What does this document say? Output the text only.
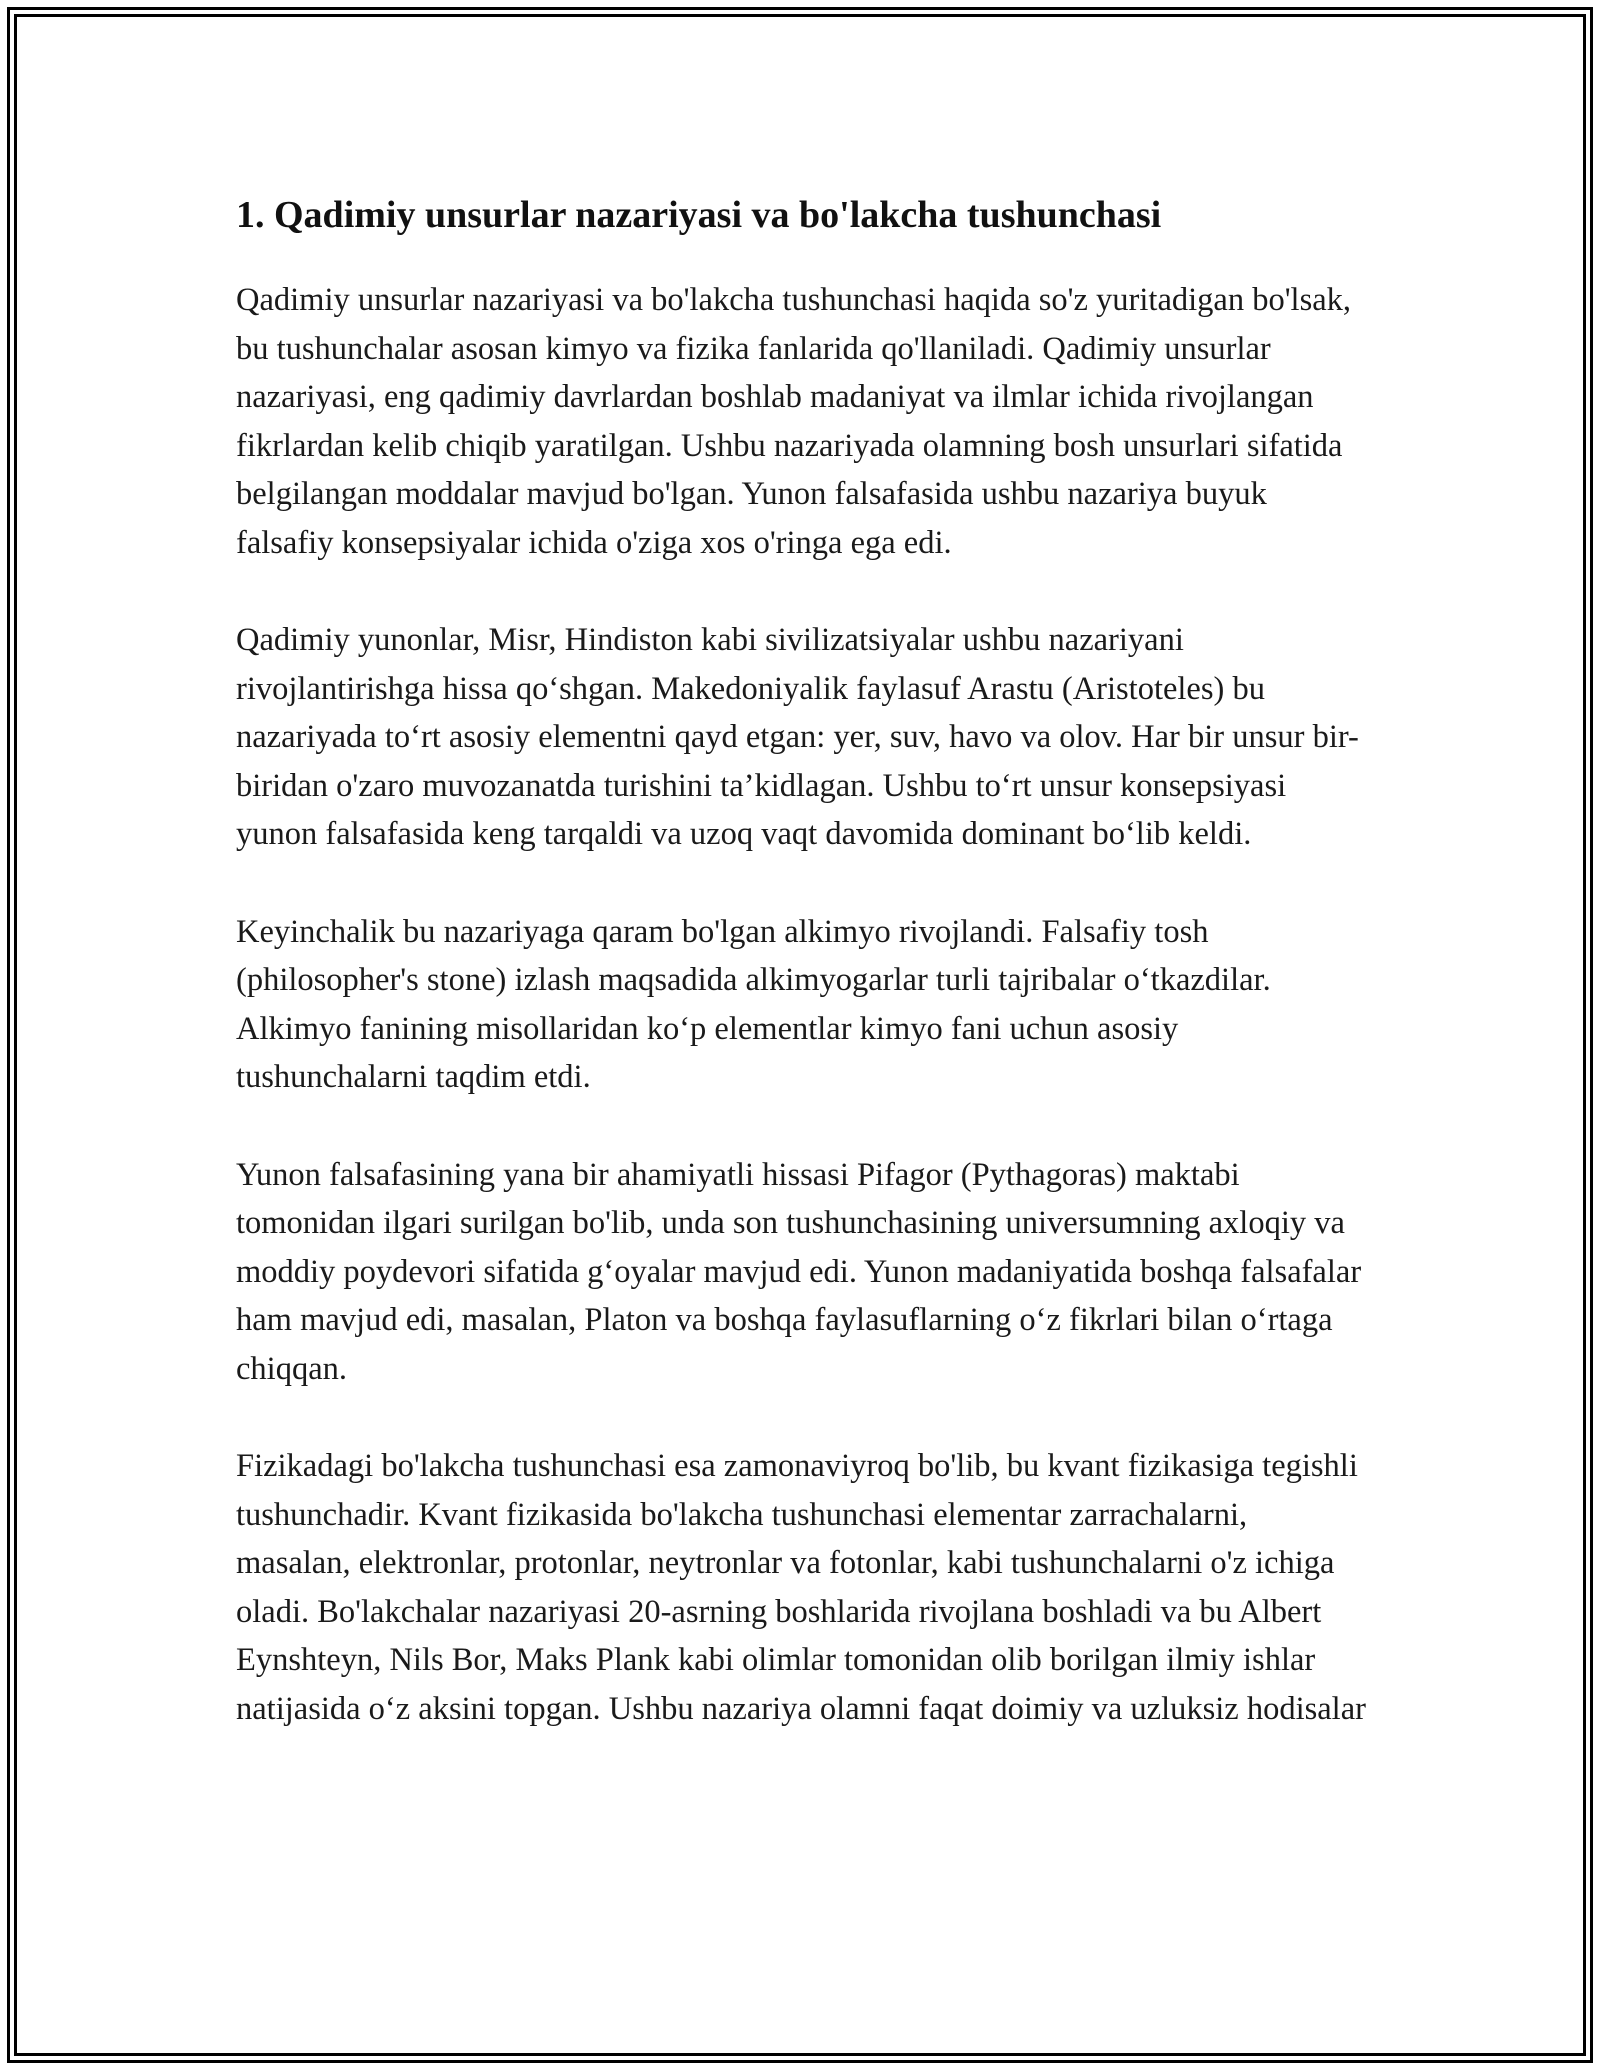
1. Qadimiy unsurlar nazariyasi va bo'lakcha tushunchasi

Qadimiy unsurlar nazariyasi va bo'lakcha tushunchasi haqida so'z yuritadigan bo'lsak, bu tushunchalar asosan kimyo va fizika fanlarida qo'llaniladi. Qadimiy unsurlar nazariyasi, eng qadimiy davrlardan boshlab madaniyat va ilmlar ichida rivojlangan fikrlardan kelib chiqib yaratilgan. Ushbu nazariyada olamning bosh unsurlari sifatida belgilangan moddalar mavjud bo'lgan. Yunon falsafasida ushbu nazariya buyuk falsafiy konsepsiyalar ichida o'ziga xos o'ringa ega edi.

Qadimiy yunonlar, Misr, Hindiston kabi sivilizatsiyalar ushbu nazariyani rivojlantirishga hissa qo‘shgan. Makedoniyalik faylasuf Arastu (Aristoteles) bu nazariyada to‘rt asosiy elementni qayd etgan: yer, suv, havo va olov. Har bir unsur bir-biridan o'zaro muvozanatda turishini ta’kidlagan. Ushbu to‘rt unsur konsepsiyasi yunon falsafasida keng tarqaldi va uzoq vaqt davomida dominant bo‘lib keldi.

Keyinchalik bu nazariyaga qaram bo'lgan alkimyo rivojlandi. Falsafiy tosh (philosopher's stone) izlash maqsadida alkimyogarlar turli tajribalar o‘tkazdilar. Alkimyo fanining misollaridan ko‘p elementlar kimyo fani uchun asosiy tushunchalarni taqdim etdi.

Yunon falsafasining yana bir ahamiyatli hissasi Pifagor (Pythagoras) maktabi tomonidan ilgari surilgan bo'lib, unda son tushunchasining universumning axloqiy va moddiy poydevori sifatida g‘oyalar mavjud edi. Yunon madaniyatida boshqa falsafalar ham mavjud edi, masalan, Platon va boshqa faylasuflarning o‘z fikrlari bilan o‘rtaga chiqqan.

Fizikadagi bo'lakcha tushunchasi esa zamonaviyroq bo'lib, bu kvant fizikasiga tegishli tushunchadir. Kvant fizikasida bo'lakcha tushunchasi elementar zarrachalarni, masalan, elektronlar, protonlar, neytronlar va fotonlar, kabi tushunchalarni o'z ichiga oladi. Bo'lakchalar nazariyasi 20-asrning boshlarida rivojlana boshladi va bu Albert Eynshteyn, Nils Bor, Maks Plank kabi olimlar tomonidan olib borilgan ilmiy ishlar natijasida o‘z aksini topgan. Ushbu nazariya olamni faqat doimiy va uzluksiz hodisalar
